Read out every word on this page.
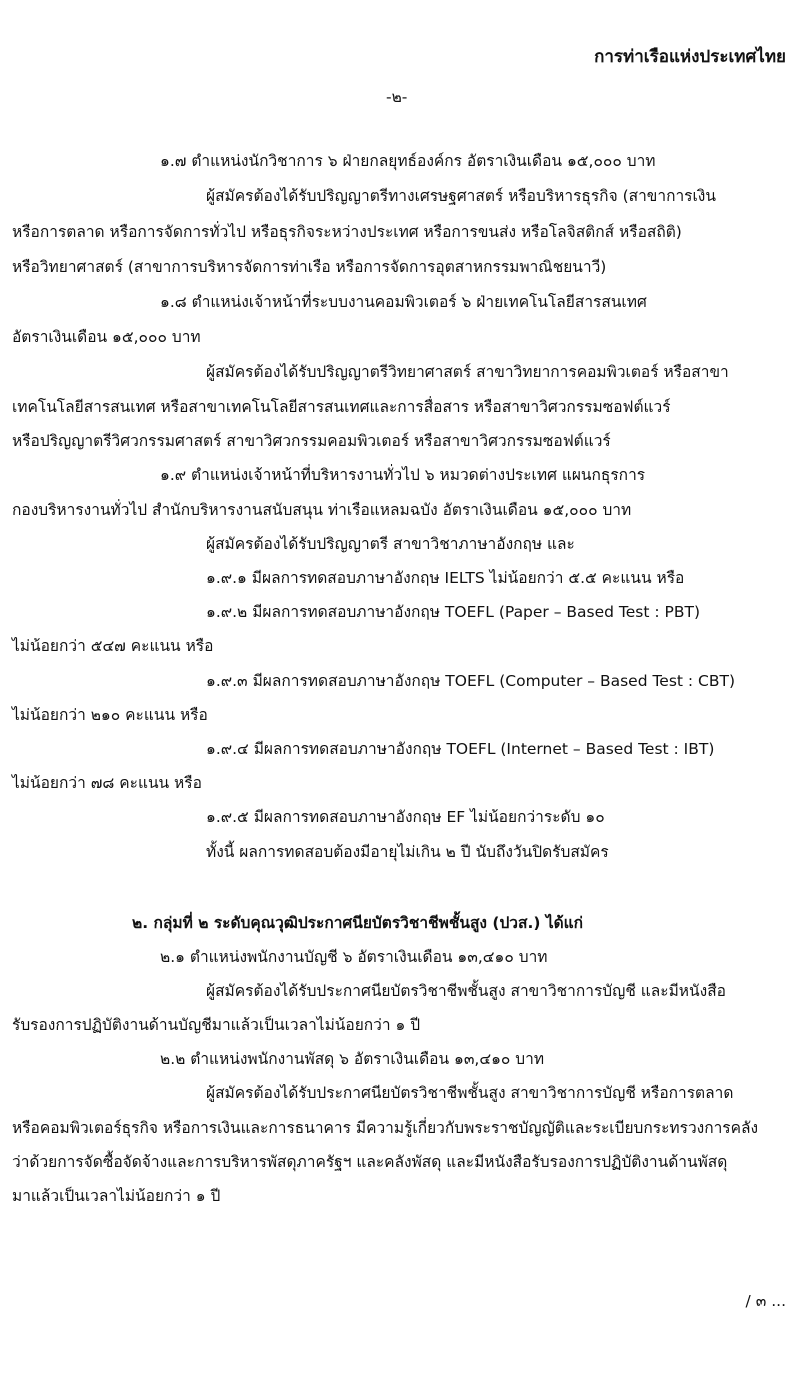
การท่าเรือแห่งประเทศไทย
-๒-
๑.๗ ตำแหน่งนักวิชาการ ๖ ฝ่ายกลยุทธ์องค์กร อัตราเงินเดือน ๑๕,๐๐๐ บาท
ผู้สมัครต้องได้รับปริญญาตรีทางเศรษฐศาสตร์ หรือบริหารธุรกิจ (สาขาการเงิน
หรือการตลาด หรือการจัดการทั่วไป หรือธุรกิจระหว่างประเทศ หรือการขนส่ง หรือโลจิสติกส์ หรือสถิติ)
หรือวิทยาศาสตร์ (สาขาการบริหารจัดการท่าเรือ หรือการจัดการอุตสาหกรรมพาณิชยนาวี)
๑.๘ ตำแหน่งเจ้าหน้าที่ระบบงานคอมพิวเตอร์ ๖ ฝ่ายเทคโนโลยีสารสนเทศ
อัตราเงินเดือน ๑๕,๐๐๐ บาท
ผู้สมัครต้องได้รับปริญญาตรีวิทยาศาสตร์ สาขาวิทยาการคอมพิวเตอร์ หรือสาขา
เทคโนโลยีสารสนเทศ หรือสาขาเทคโนโลยีสารสนเทศและการสื่อสาร หรือสาขาวิศวกรรมซอฟต์แวร์
หรือปริญญาตรีวิศวกรรมศาสตร์ สาขาวิศวกรรมคอมพิวเตอร์ หรือสาขาวิศวกรรมซอฟต์แวร์
๑.๙ ตำแหน่งเจ้าหน้าที่บริหารงานทั่วไป ๖ หมวดต่างประเทศ แผนกธุรการ
กองบริหารงานทั่วไป สำนักบริหารงานสนับสนุน ท่าเรือแหลมฉบัง อัตราเงินเดือน ๑๕,๐๐๐ บาท
ผู้สมัครต้องได้รับปริญญาตรี สาขาวิชาภาษาอังกฤษ และ
๑.๙.๑ มีผลการทดสอบภาษาอังกฤษ IELTS ไม่น้อยกว่า ๕.๕ คะแนน หรือ
๑.๙.๒ มีผลการทดสอบภาษาอังกฤษ TOEFL (Paper – Based Test : PBT)
ไม่น้อยกว่า ๕๔๗ คะแนน หรือ
๑.๙.๓ มีผลการทดสอบภาษาอังกฤษ TOEFL (Computer – Based Test : CBT)
ไม่น้อยกว่า ๒๑๐ คะแนน หรือ
๑.๙.๔ มีผลการทดสอบภาษาอังกฤษ TOEFL (Internet – Based Test : IBT)
ไม่น้อยกว่า ๗๘ คะแนน หรือ
๑.๙.๕ มีผลการทดสอบภาษาอังกฤษ EF ไม่น้อยกว่าระดับ ๑๐
ทั้งนี้ ผลการทดสอบต้องมีอายุไม่เกิน ๒ ปี นับถึงวันปิดรับสมัคร
๒. กลุ่มที่ ๒ ระดับคุณวุฒิประกาศนียบัตรวิชาชีพชั้นสูง (ปวส.) ได้แก่
๒.๑ ตำแหน่งพนักงานบัญชี ๖ อัตราเงินเดือน ๑๓,๔๑๐ บาท
ผู้สมัครต้องได้รับประกาศนียบัตรวิชาชีพชั้นสูง สาขาวิชาการบัญชี และมีหนังสือ
รับรองการปฏิบัติงานด้านบัญชีมาแล้วเป็นเวลาไม่น้อยกว่า ๑ ปี
๒.๒ ตำแหน่งพนักงานพัสดุ ๖ อัตราเงินเดือน ๑๓,๔๑๐ บาท
ผู้สมัครต้องได้รับประกาศนียบัตรวิชาชีพชั้นสูง สาขาวิชาการบัญชี หรือการตลาด
หรือคอมพิวเตอร์ธุรกิจ หรือการเงินและการธนาคาร มีความรู้เกี่ยวกับพระราชบัญญัติและระเบียบกระทรวงการคลัง
ว่าด้วยการจัดซื้อจัดจ้างและการบริหารพัสดุภาครัฐฯ และคลังพัสดุ และมีหนังสือรับรองการปฏิบัติงานด้านพัสดุ
มาแล้วเป็นเวลาไม่น้อยกว่า ๑ ปี
/ ๓ ...
